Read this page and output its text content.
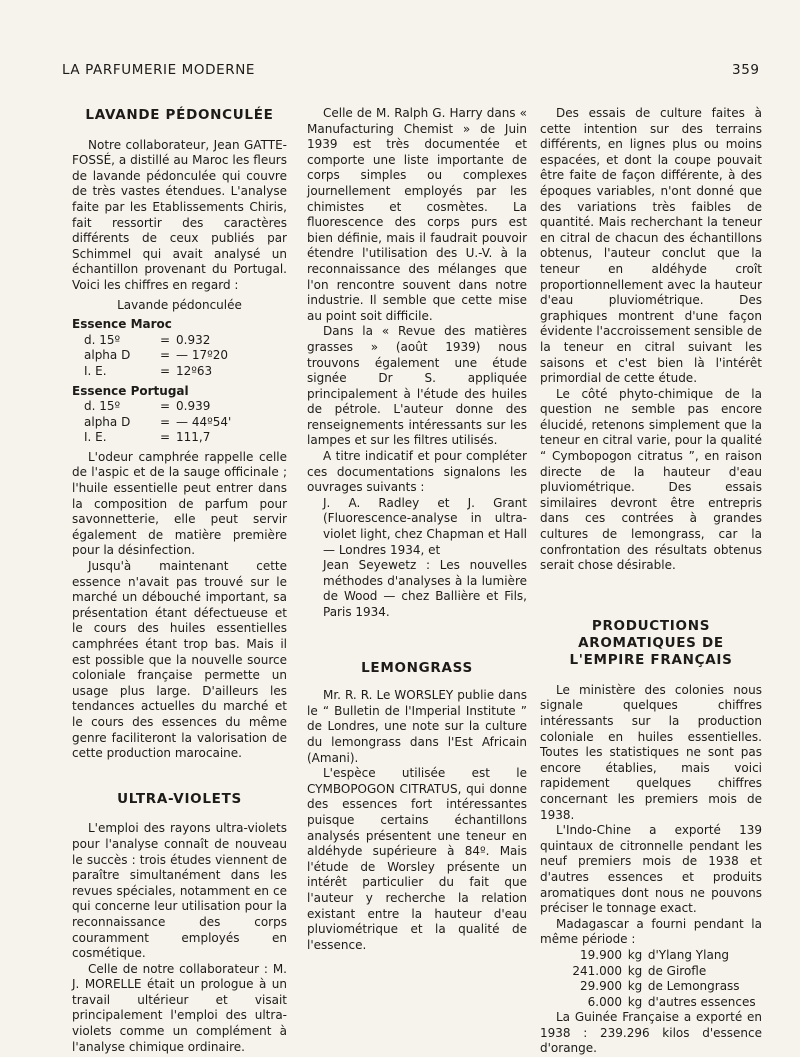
LA PARFUMERIE MODERNE	359
LAVANDE PÉDONCULÉE

Notre collaborateur, Jean GATTE-FOSSÉ, a distillé au Maroc les fleurs de lavande pédonculée qui couvre de très vastes étendues. L'analyse faite par les Etablissements Chiris, fait ressortir des caractères différents de ceux publiés par Schimmel qui avait analysé un échantillon provenant du Portugal. Voici les chiffres en regard :

Lavande pédonculée
Essence Maroc
d. 15º	= 0.932
alpha D = — 17º20
I. E.	= 12º63
Essence Portugal
d. 15º	= 0.939
alpha D = — 44º54'
I. E.	= 111,7

L'odeur camphrée rappelle celle de l'aspic et de la sauge officinale ; l'huile essentielle peut entrer dans la composition de parfum pour savonnetterie, elle peut servir également de matière première pour la désinfection.

Jusqu'à maintenant cette essence n'avait pas trouvé sur le marché un débouché important, sa présentation étant défectueuse et le cours des huiles essentielles camphrées étant trop bas. Mais il est possible que la nouvelle source coloniale française permette un usage plus large. D'ailleurs les tendances actuelles du marché et le cours des essences du même genre faciliteront la valorisation de cette production marocaine.

ULTRA-VIOLETS

L'emploi des rayons ultra-violets pour l'analyse connaît de nouveau le succès : trois études viennent de paraître simultanément dans les revues spéciales, notamment en ce qui concerne leur utilisation pour la reconnaissance des corps couramment employés en cosmétique.

Celle de notre collaborateur : M. J. MORELLE était un prologue à un travail ultérieur et visait principalement l'emploi des ultra-violets comme un complément à l'analyse chimique ordinaire.

Celle de M. Ralph G. Harry dans « Manufacturing Chemist » de Juin 1939 est très documentée et comporte une liste importante de corps simples ou complexes journellement employés par les chimistes et cosmètes. La fluorescence des corps purs est bien définie, mais il faudrait pouvoir étendre l'utilisation des U.-V. à la reconnaissance des mélanges que l'on rencontre souvent dans notre industrie. Il semble que cette mise au point soit difficile.

Dans la « Revue des matières grasses » (août 1939) nous trouvons également une étude signée Dr S. appliquée principalement à l'étude des huiles de pétrole. L'auteur donne des renseignements intéressants sur les lampes et sur les filtres utilisés.

A titre indicatif et pour compléter ces documentations signalons les ouvrages suivants :

J. A. Radley et J. Grant (Fluorescence-analyse in ultra-violet light, chez Chapman et Hall — Londres 1934, et

Jean Seyewetz : Les nouvelles méthodes d'analyses à la lumière de Wood — chez Ballière et Fils, Paris 1934.

LEMONGRASS

Mr. R. R. Le WORSLEY publie dans le “ Bulletin de l'Imperial Institute ” de Londres, une note sur la culture du lemongrass dans l'Est Africain (Amani).

L'espèce utilisée est le CYMBOPOGON CITRATUS, qui donne des essences fort intéressantes puisque certains échantillons analysés présentent une teneur en aldéhyde supérieure à 84º. Mais l'étude de Worsley présente un intérêt particulier du fait que l'auteur y recherche la relation existant entre la hauteur d'eau pluviométrique et la qualité de l'essence.

Des essais de culture faites à cette intention sur des terrains différents, en lignes plus ou moins espacées, et dont la coupe pouvait être faite de façon différente, à des époques variables, n'ont donné que des variations très faibles de quantité. Mais recherchant la teneur en citral de chacun des échantillons obtenus, l'auteur conclut que la teneur en aldéhyde croît proportionnellement avec la hauteur d'eau pluviométrique. Des graphiques montrent d'une façon évidente l'accroissement sensible de la teneur en citral suivant les saisons et c'est bien là l'intérêt primordial de cette étude.

Le côté phyto-chimique de la question ne semble pas encore élucidé, retenons simplement que la teneur en citral varie, pour la qualité “ Cymbopogon citratus ”, en raison directe de la hauteur d'eau pluviométrique. Des essais similaires devront être entrepris dans ces contrées à grandes cultures de lemongrass, car la confrontation des résultats obtenus serait chose désirable.

PRODUCTIONS
AROMATIQUES DE
L'EMPIRE FRANÇAIS

Le ministère des colonies nous signale quelques chiffres intéressants sur la production coloniale en huiles essentielles. Toutes les statistiques ne sont pas encore établies, mais voici rapidement quelques chiffres concernant les premiers mois de 1938.

L'Indo-Chine a exporté 139 quintaux de citronnelle pendant les neuf premiers mois de 1938 et d'autres essences et produits aromatiques dont nous ne pouvons préciser le tonnage exact.

Madagascar a fourni pendant la même période :

19.900 kg d'Ylang Ylang
241.000 kg de Girofle
29.900 kg de Lemongrass
6.000 kg d'autres essences

La Guinée Française a exporté en 1938 : 239.296 kilos d'essence d'orange.
